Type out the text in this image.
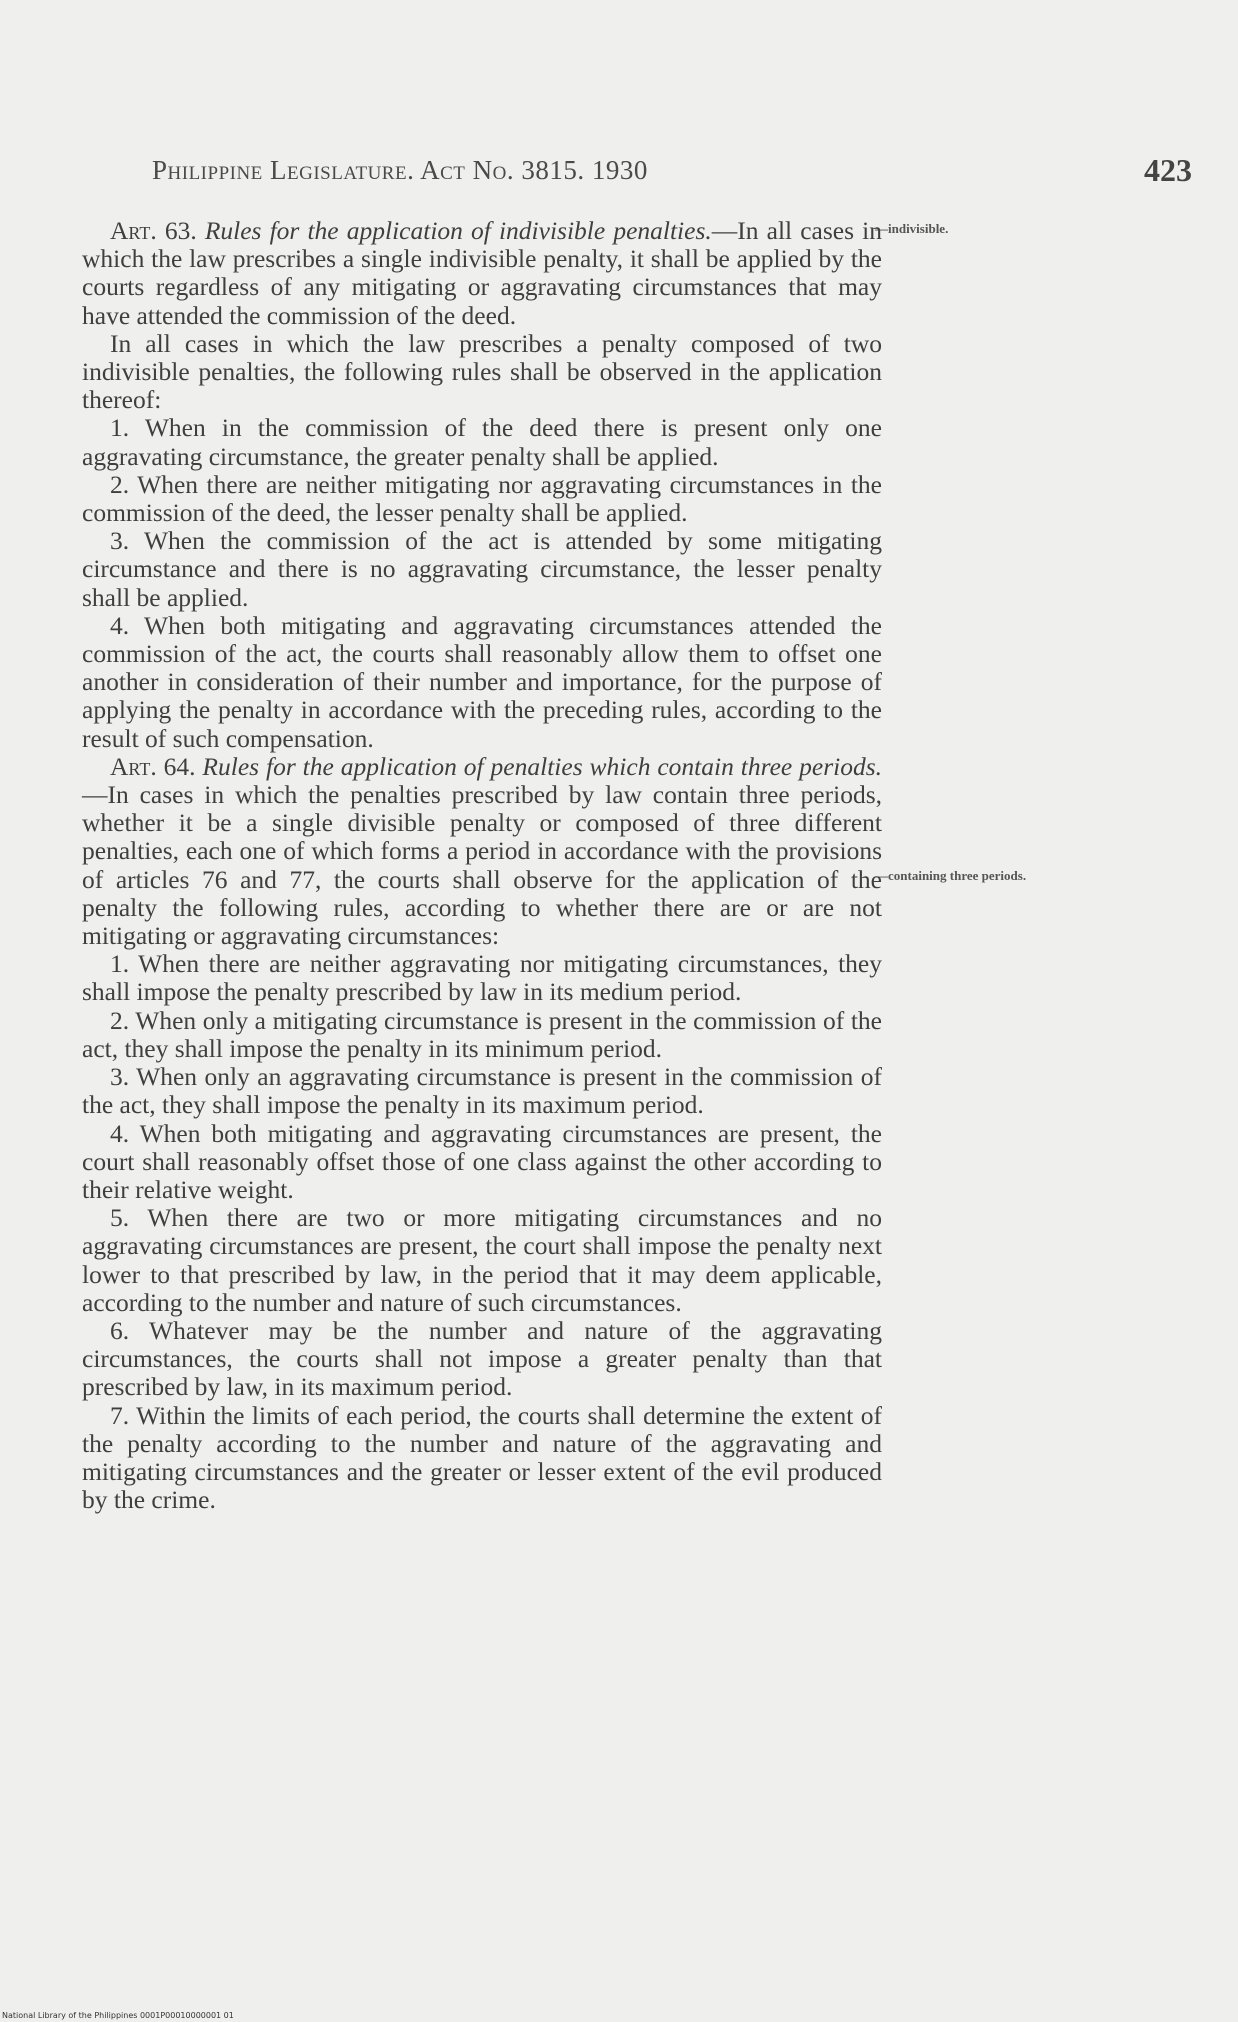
Philippine Legislature. Act No. 3815. 1930	423
—indivisible.
—containing three periods.

Art. 63. Rules for the application of indivisible penalties.—In all cases in which the law prescribes a single indivisible penalty, it shall be applied by the courts regardless of any mitigating or aggravating circumstances that may have attended the commission of the deed.

In all cases in which the law prescribes a penalty composed of two indivisible penalties, the following rules shall be observed in the application thereof:

1. When in the commission of the deed there is present only one aggravating circumstance, the greater penalty shall be applied.

2. When there are neither mitigating nor aggravating circumstances in the commission of the deed, the lesser penalty shall be applied.

3. When the commission of the act is attended by some mitigating circumstance and there is no aggravating circumstance, the lesser penalty shall be applied.

4. When both mitigating and aggravating circumstances attended the commission of the act, the courts shall reasonably allow them to offset one another in consideration of their number and importance, for the purpose of applying the penalty in accordance with the preceding rules, according to the result of such compensation.

Art. 64. Rules for the application of penalties which contain three periods.—In cases in which the penalties prescribed by law contain three periods, whether it be a single divisible penalty or composed of three different penalties, each one of which forms a period in accordance with the provisions of articles 76 and 77, the courts shall observe for the application of the penalty the following rules, according to whether there are or are not mitigating or aggravating circumstances:

1. When there are neither aggravating nor mitigating circumstances, they shall impose the penalty prescribed by law in its medium period.

2. When only a mitigating circumstance is present in the commission of the act, they shall impose the penalty in its minimum period.

3. When only an aggravating circumstance is present in the commission of the act, they shall impose the penalty in its maximum period.

4. When both mitigating and aggravating circumstances are present, the court shall reasonably offset those of one class against the other according to their relative weight.

5. When there are two or more mitigating circumstances and no aggravating circumstances are present, the court shall impose the penalty next lower to that prescribed by law, in the period that it may deem applicable, according to the number and nature of such circumstances.

6. Whatever may be the number and nature of the aggravating circumstances, the courts shall not impose a greater penalty than that prescribed by law, in its maximum period.

7. Within the limits of each period, the courts shall determine the extent of the penalty according to the number and nature of the aggravating and mitigating circumstances and the greater or lesser extent of the evil produced by the crime.

National Library of the Philippines 0001P00010000001 01
